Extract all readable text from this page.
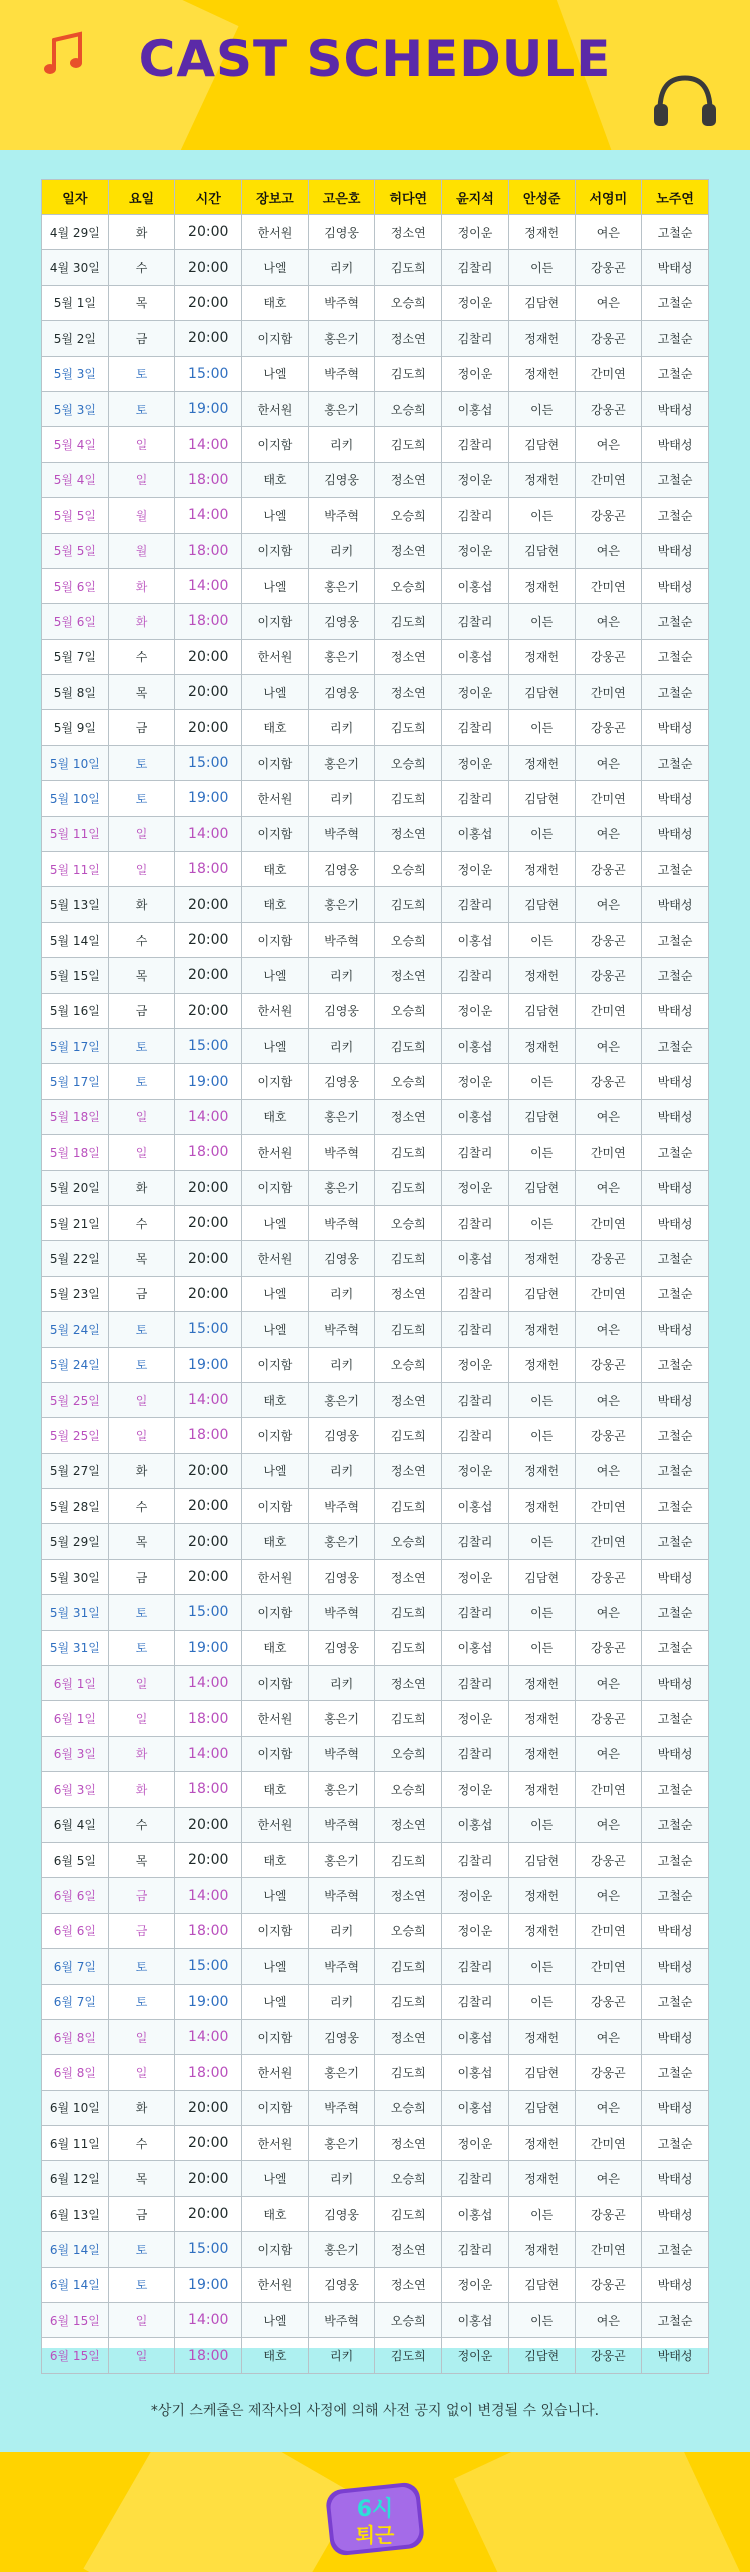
CAST SCHEDULE
일자	요일	시간	장보고	고은호	허다연	윤지석	안성준	서영미	노주연
4월 29일	화	20:00	한서원	김영웅	정소연	정이운	정재헌	여은	고철순
4월 30일	수	20:00	나엘	리키	김도희	김찰리	이든	강웅곤	박태성
5월 1일	목	20:00	태호	박주혁	오승희	정이운	김담현	여은	고철순
5월 2일	금	20:00	이지함	홍은기	정소연	김찰리	정재헌	강웅곤	고철순
5월 3일	토	15:00	나엘	박주혁	김도희	정이운	정재헌	간미연	고철순
5월 3일	토	19:00	한서원	홍은기	오승희	이홍섭	이든	강웅곤	박태성
5월 4일	일	14:00	이지함	리키	김도희	김찰리	김담현	여은	박태성
5월 4일	일	18:00	태호	김영웅	정소연	정이운	정재헌	간미연	고철순
5월 5일	월	14:00	나엘	박주혁	오승희	김찰리	이든	강웅곤	고철순
5월 5일	월	18:00	이지함	리키	정소연	정이운	김담현	여은	박태성
5월 6일	화	14:00	나엘	홍은기	오승희	이홍섭	정재헌	간미연	박태성
5월 6일	화	18:00	이지함	김영웅	김도희	김찰리	이든	여은	고철순
5월 7일	수	20:00	한서원	홍은기	정소연	이홍섭	정재헌	강웅곤	고철순
5월 8일	목	20:00	나엘	김영웅	정소연	정이운	김담현	간미연	고철순
5월 9일	금	20:00	태호	리키	김도희	김찰리	이든	강웅곤	박태성
5월 10일	토	15:00	이지함	홍은기	오승희	정이운	정재헌	여은	고철순
5월 10일	토	19:00	한서원	리키	김도희	김찰리	김담현	간미연	박태성
5월 11일	일	14:00	이지함	박주혁	정소연	이홍섭	이든	여은	박태성
5월 11일	일	18:00	태호	김영웅	오승희	정이운	정재헌	강웅곤	고철순
5월 13일	화	20:00	태호	홍은기	김도희	김찰리	김담현	여은	박태성
5월 14일	수	20:00	이지함	박주혁	오승희	이홍섭	이든	강웅곤	고철순
5월 15일	목	20:00	나엘	리키	정소연	김찰리	정재헌	강웅곤	고철순
5월 16일	금	20:00	한서원	김영웅	오승희	정이운	김담현	간미연	박태성
5월 17일	토	15:00	나엘	리키	김도희	이홍섭	정재헌	여은	고철순
5월 17일	토	19:00	이지함	김영웅	오승희	정이운	이든	강웅곤	박태성
5월 18일	일	14:00	태호	홍은기	정소연	이홍섭	김담현	여은	박태성
5월 18일	일	18:00	한서원	박주혁	김도희	김찰리	이든	간미연	고철순
5월 20일	화	20:00	이지함	홍은기	김도희	정이운	김담현	여은	박태성
5월 21일	수	20:00	나엘	박주혁	오승희	김찰리	이든	간미연	박태성
5월 22일	목	20:00	한서원	김영웅	김도희	이홍섭	정재헌	강웅곤	고철순
5월 23일	금	20:00	나엘	리키	정소연	김찰리	김담현	간미연	고철순
5월 24일	토	15:00	나엘	박주혁	김도희	김찰리	정재헌	여은	박태성
5월 24일	토	19:00	이지함	리키	오승희	정이운	정재헌	강웅곤	고철순
5월 25일	일	14:00	태호	홍은기	정소연	김찰리	이든	여은	박태성
5월 25일	일	18:00	이지함	김영웅	김도희	김찰리	이든	강웅곤	고철순
5월 27일	화	20:00	나엘	리키	정소연	정이운	정재헌	여은	고철순
5월 28일	수	20:00	이지함	박주혁	김도희	이홍섭	정재헌	간미연	고철순
5월 29일	목	20:00	태호	홍은기	오승희	김찰리	이든	간미연	고철순
5월 30일	금	20:00	한서원	김영웅	정소연	정이운	김담현	강웅곤	박태성
5월 31일	토	15:00	이지함	박주혁	김도희	김찰리	이든	여은	고철순
5월 31일	토	19:00	태호	김영웅	김도희	이홍섭	이든	강웅곤	고철순
6월 1일	일	14:00	이지함	리키	정소연	김찰리	정재헌	여은	박태성
6월 1일	일	18:00	한서원	홍은기	김도희	정이운	정재헌	강웅곤	고철순
6월 3일	화	14:00	이지함	박주혁	오승희	김찰리	정재헌	여은	박태성
6월 3일	화	18:00	태호	홍은기	오승희	정이운	정재헌	간미연	고철순
6월 4일	수	20:00	한서원	박주혁	정소연	이홍섭	이든	여은	고철순
6월 5일	목	20:00	태호	홍은기	김도희	김찰리	김담현	강웅곤	고철순
6월 6일	금	14:00	나엘	박주혁	정소연	정이운	정재헌	여은	고철순
6월 6일	금	18:00	이지함	리키	오승희	정이운	정재헌	간미연	박태성
6월 7일	토	15:00	나엘	박주혁	김도희	김찰리	이든	간미연	박태성
6월 7일	토	19:00	나엘	리키	김도희	김찰리	이든	강웅곤	고철순
6월 8일	일	14:00	이지함	김영웅	정소연	이홍섭	정재헌	여은	박태성
6월 8일	일	18:00	한서원	홍은기	김도희	이홍섭	김담현	강웅곤	고철순
6월 10일	화	20:00	이지함	박주혁	오승희	이홍섭	김담현	여은	박태성
6월 11일	수	20:00	한서원	홍은기	정소연	정이운	정재헌	간미연	고철순
6월 12일	목	20:00	나엘	리키	오승희	김찰리	정재헌	여은	박태성
6월 13일	금	20:00	태호	김영웅	김도희	이홍섭	이든	강웅곤	박태성
6월 14일	토	15:00	이지함	홍은기	정소연	김찰리	정재헌	간미연	고철순
6월 14일	토	19:00	한서원	김영웅	정소연	정이운	김담현	강웅곤	박태성
6월 15일	일	14:00	나엘	박주혁	오승희	이홍섭	이든	여은	고철순
6월 15일	일	18:00	태호	리키	김도희	정이운	김담현	강웅곤	박태성
*상기 스케줄은 제작사의 사정에 의해 사전 공지 없이 변경될 수 있습니다.
6시
퇴근
